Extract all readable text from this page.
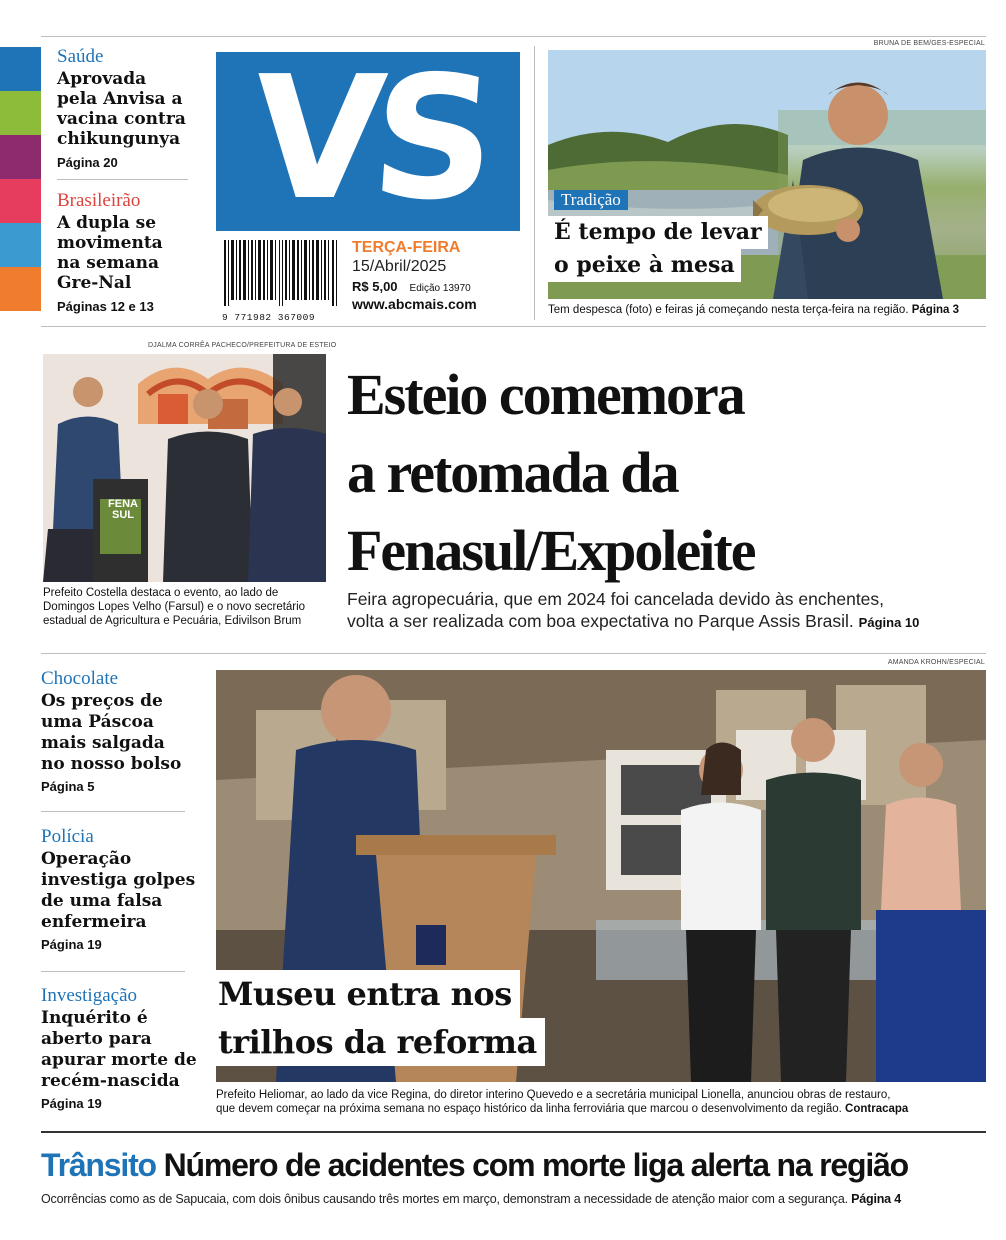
Saúde
Aprovada
pela Anvisa a
vacina contra
chikungunya
Página 20
Brasileirão
A dupla se
movimenta
na semana
Gre-Nal
Páginas 12 e 13
VS
9 771982 367009
TERÇA-FEIRA
15/Abril/2025
R$ 5,00 Edição 13970
www.abcmais.com
BRUNA DE BEM/GES-ESPECIAL
Tradição
É tempo de levar
o peixe à mesa
Tem despesca (foto) e feiras já começando nesta terça-feira na região. Página 3
DJALMA CORRÊA PACHECO/PREFEITURA DE ESTEIO
FENA
SUL
Prefeito Costella destaca o evento, ao lado de
Domingos Lopes Velho (Farsul) e o novo secretário
estadual de Agricultura e Pecuária, Edivilson Brum
Esteio comemora
a retomada da
Fenasul/Expoleite
Feira agropecuária, que em 2024 foi cancelada devido às enchentes,
volta a ser realizada com boa expectativa no Parque Assis Brasil. Página 10
Chocolate
Os preços de
uma Páscoa
mais salgada
no nosso bolso
Página 5
Polícia
Operação
investiga golpes
de uma falsa
enfermeira
Página 19
Investigação
Inquérito é
aberto para
apurar morte de
recém-nascida
Página 19
AMANDA KROHN/ESPECIAL
Museu entra nos
trilhos da reforma
Prefeito Heliomar, ao lado da vice Regina, do diretor interino Quevedo e a secretária municipal Lionella, anunciou obras de restauro,
que devem começar na próxima semana no espaço histórico da linha ferroviária que marcou o desenvolvimento da região. Contracapa
Trânsito Número de acidentes com morte liga alerta na região
Ocorrências como as de Sapucaia, com dois ônibus causando três mortes em março, demonstram a necessidade de atenção maior com a segurança. Página 4
